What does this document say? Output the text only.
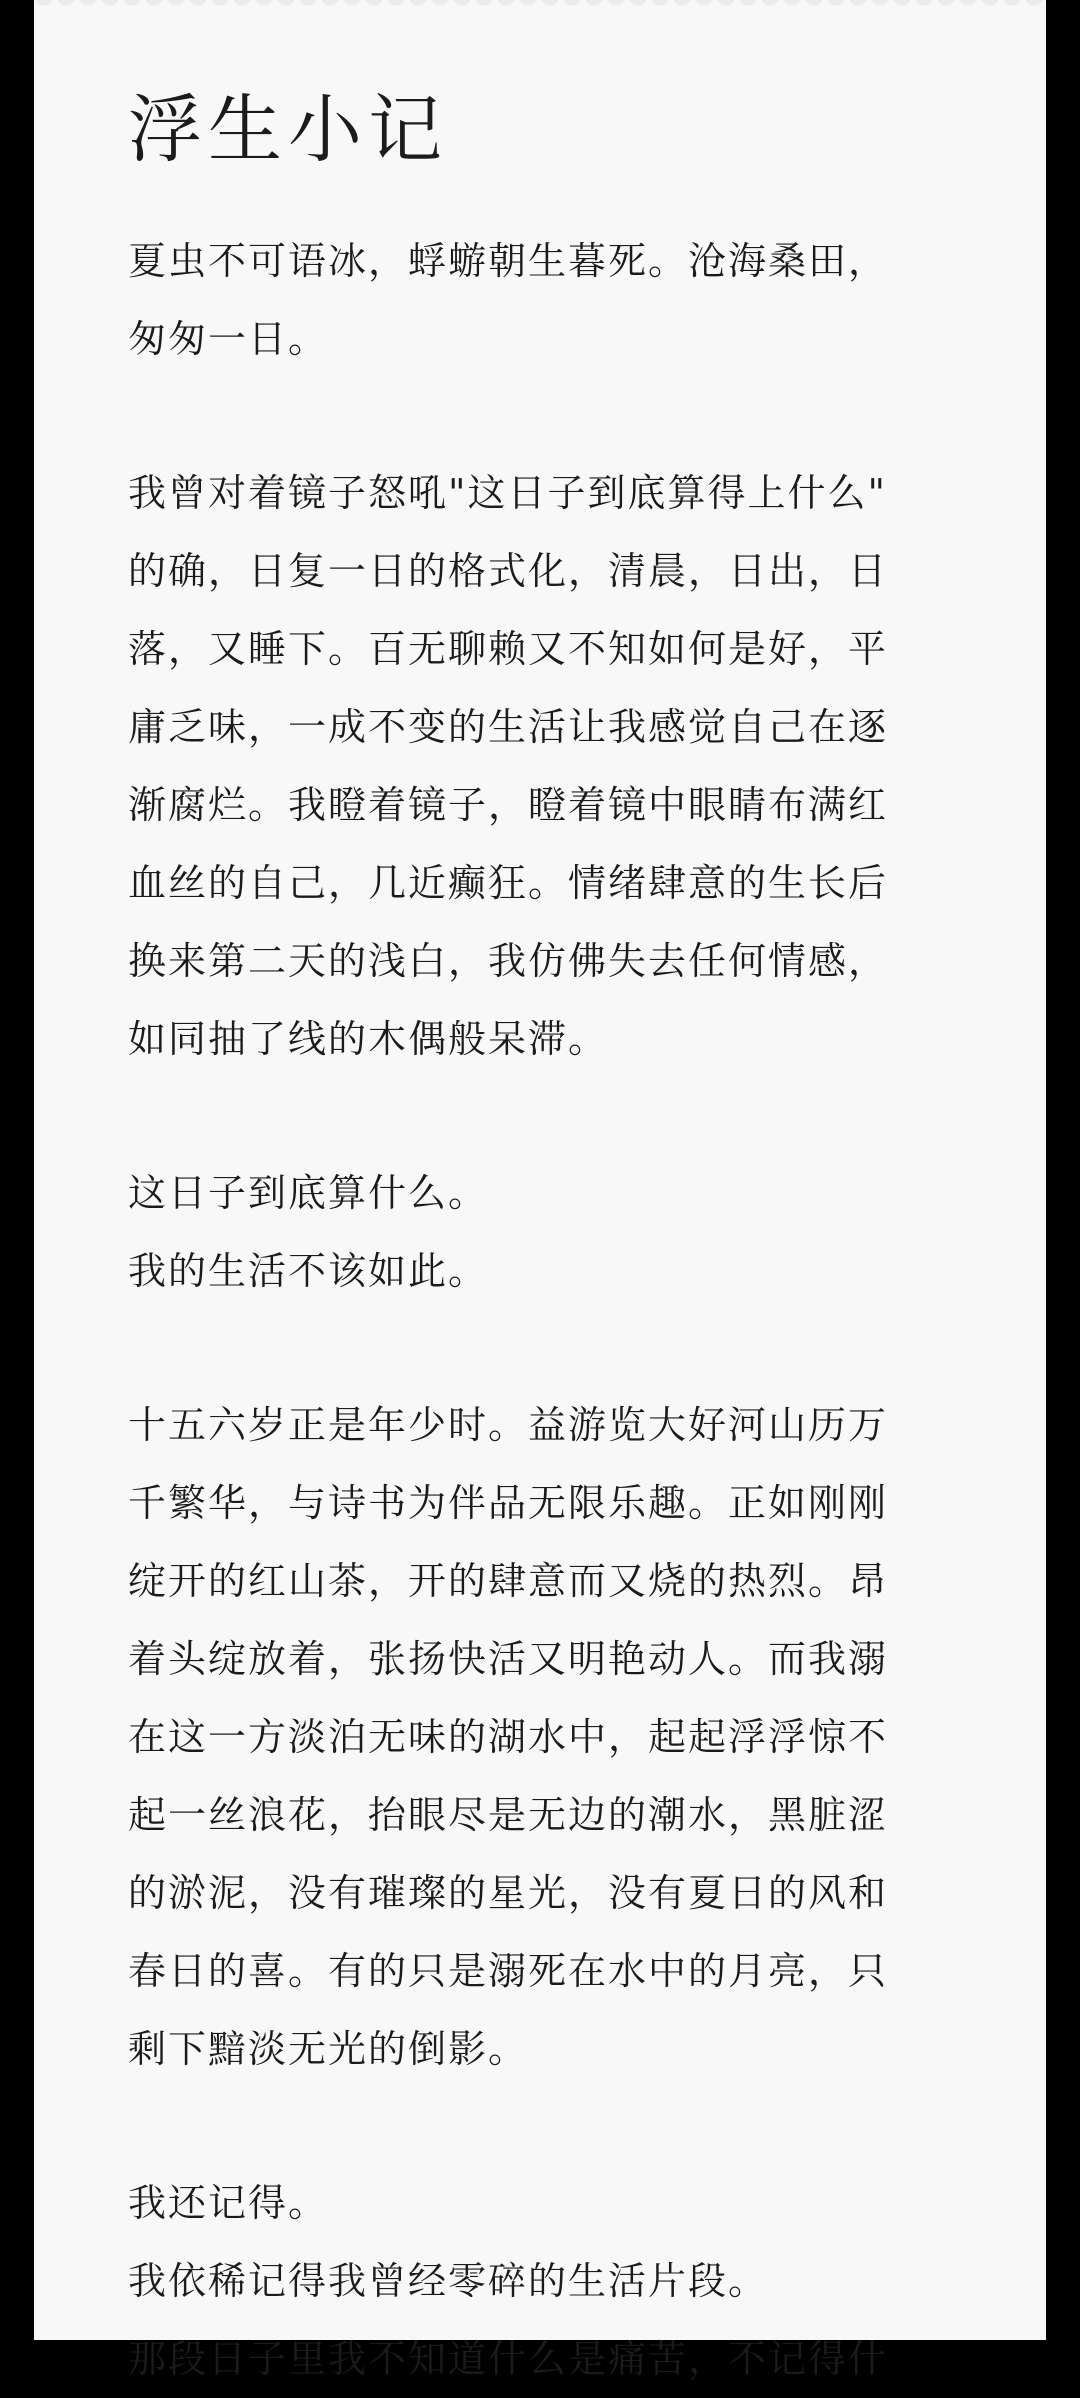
浮生小记

夏虫不可语冰，蜉蝣朝生暮死。沧海桑田，
匆匆一日。

我曾对着镜子怒吼"这日子到底算得上什么"
的确，日复一日的格式化，清晨，日出，日
落，又睡下。百无聊赖又不知如何是好，平
庸乏味，一成不变的生活让我感觉自己在逐
渐腐烂。我瞪着镜子，瞪着镜中眼睛布满红
血丝的自己，几近癫狂。情绪肆意的生长后
换来第二天的浅白，我仿佛失去任何情感，
如同抽了线的木偶般呆滞。

这日子到底算什么。
我的生活不该如此。

十五六岁正是年少时。益游览大好河山历万
千繁华，与诗书为伴品无限乐趣。正如刚刚
绽开的红山茶，开的肆意而又烧的热烈。昂
着头绽放着，张扬快活又明艳动人。而我溺
在这一方淡泊无味的湖水中，起起浮浮惊不
起一丝浪花，抬眼尽是无边的潮水，黑脏涩
的淤泥，没有璀璨的星光，没有夏日的风和
春日的喜。有的只是溺死在水中的月亮，只
剩下黯淡无光的倒影。

我还记得。
我依稀记得我曾经零碎的生活片段。
那段日子里我不知道什么是痛苦，不记得什
